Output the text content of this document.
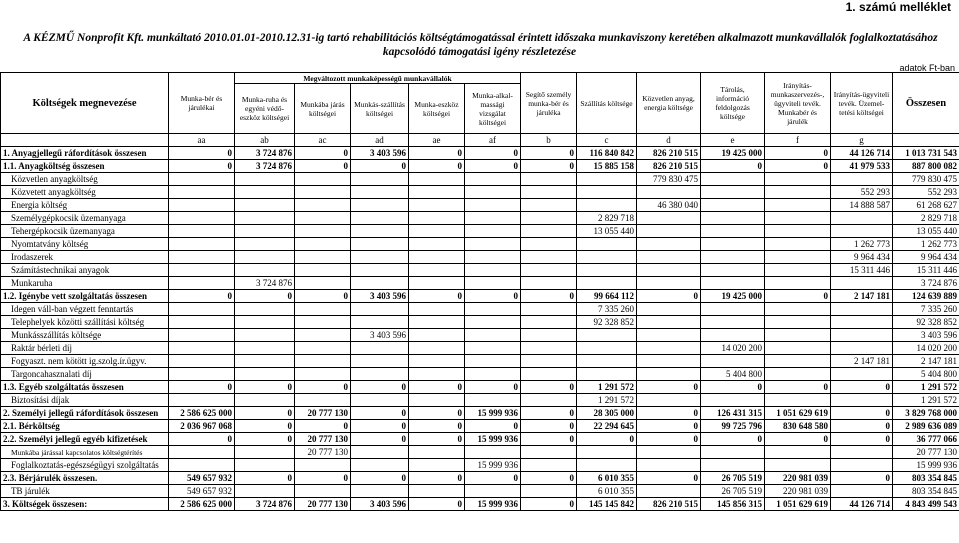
1. számú melléklet
A KÉZMŰ Nonprofit Kft. munkáltató 2010.01.01-2010.12.31-ig tartó rehabilitációs költségtámogatással érintett időszaka munkaviszony keretében alkalmazott munkavállalók foglalkoztatásához
kapcsolódó támogatási igény részletezése
adatok Ft-ban
Költségek megnevezése	Munka-bér és járulékai	Megváltozott munkaképességű munkavállalók					Segítő személy munka-bér és járuléka	Szállítás költsége	Közvetlen anyag, energia költsége	Tárolás, információ feldolgozás költsége	Irányítás-munkaszervezés-, ügyviteli tevék. Munkabér és járulék	Irányítás-ügyviteli tevék. Üzemel-tetési költségei	Összesen
		Munka-ruha és egyéni védő-eszköz költségei	Munkába járás költségei	Munkás-szállítás költségei	Munka-eszköz költségei	Munka-alkal-massági vizsgálat költségei							
	aa	ab	ac	ad	ae	af	b	c	d	e	f	g	
1. Anyagjellegű ráfordítások összesen	0	3 724 876	0	3 403 596	0	0	0	116 840 842	826 210 515	19 425 000	0	44 126 714	1 013 731 543
1.1. Anyagköltség összesen	0	3 724 876	0	0	0	0	0	15 885 158	826 210 515	0	0	41 979 533	887 800 082
Közvetlen anyagköltség									779 830 475				779 830 475
Közvetett anyagköltség												552 293	552 293
Energia költség									46 380 040			14 888 587	61 268 627
Személygépkocsik üzemanyaga								2 829 718					2 829 718
Tehergépkocsik üzemanyaga								13 055 440					13 055 440
Nyomtatvány költség												1 262 773	1 262 773
Irodaszerek												9 964 434	9 964 434
Számítástechnikai anyagok												15 311 446	15 311 446
Munkaruha		3 724 876											3 724 876
1.2. Igénybe vett szolgáltatás összesen	0	0	0	3 403 596	0	0	0	99 664 112	0	19 425 000	0	2 147 181	124 639 889
Idegen váll-ban végzett fenntartás								7 335 260					7 335 260
Telephelyek közötti szállítási költség								92 328 852					92 328 852
Munkásszállítás költsége				3 403 596									3 403 596
Raktár bérleti díj										14 020 200			14 020 200
Fogyaszt. nem kötött ig.szolg.ír.ügyv.												2 147 181	2 147 181
Targoncahasznalati díj										5 404 800			5 404 800
1.3. Egyéb szolgáltatás összesen	0	0	0	0	0	0	0	1 291 572	0	0	0	0	1 291 572
Biztosítási díjak								1 291 572					1 291 572
2. Személyi jellegű ráfordítások összesen	2 586 625 000	0	20 777 130	0	0	15 999 936	0	28 305 000	0	126 431 315	1 051 629 619	0	3 829 768 000
2.1. Bérköltség	2 036 967 068	0	0	0	0	0	0	22 294 645	0	99 725 796	830 648 580	0	2 989 636 089
2.2. Személyi jellegű egyéb kifizetések	0	0	20 777 130	0	0	15 999 936	0	0	0	0	0	0	36 777 066
Munkába járással kapcsolatos költségtérítés			20 777 130										20 777 130
Foglalkoztatás-egészségügyi szolgáltatás						15 999 936							15 999 936
2.3. Bérjárulék összesen.	549 657 932	0	0	0	0	0	0	6 010 355	0	26 705 519	220 981 039	0	803 354 845
TB járulék	549 657 932							6 010 355		26 705 519	220 981 039		803 354 845
3. Költségek összesen:	2 586 625 000	3 724 876	20 777 130	3 403 596	0	15 999 936	0	145 145 842	826 210 515	145 856 315	1 051 629 619	44 126 714	4 843 499 543
